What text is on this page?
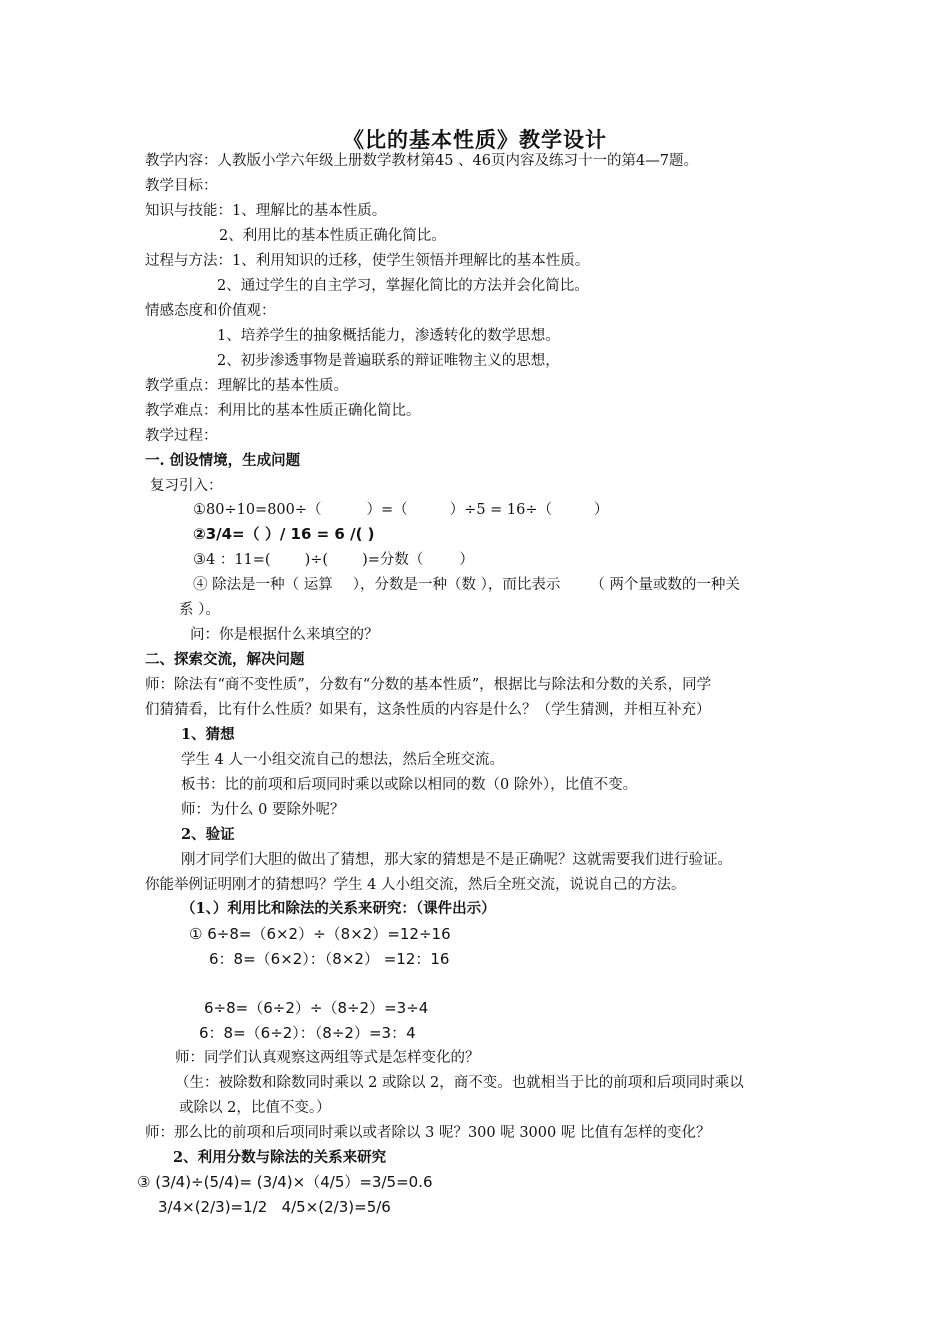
《比的基本性质》教学设计
教学内容：人教版小学六年级上册数学教材第45 、46页内容及练习十一的第4—7题。
教学目标：
知识与技能：1、理解比的基本性质。
2、利用比的基本性质正确化简比。
过程与方法：1、利用知识的迁移，使学生领悟并理解比的基本性质。
2、通过学生的自主学习，掌握化简比的方法并会化简比。
情感态度和价值观：
1、培养学生的抽象概括能力，渗透转化的数学思想。
2、初步渗透事物是普遍联系的辩证唯物主义的思想，
教学重点：理解比的基本性质。
教学难点：利用比的基本性质正确化简比。
教学过程：
一. 创设情境，生成问题
复习引入：
①80÷10=800÷（	）=（	）÷5 = 16÷（	）
②3/4=（ ）/ 16 = 6 /( )
③4 ：11=( )÷( )=分数（ ）
④ 除法是一种（ 运算 ），分数是一种（数 ），而比表示 （ 两个量或数的一种关
系 ）。
问：你是根据什么来填空的？
二、探索交流，解决问题
师：除法有“商不变性质”，分数有“分数的基本性质”，根据比与除法和分数的关系，同学
们猜猜看，比有什么性质？如果有，这条性质的内容是什么？（学生猜测，并相互补充）
1、猜想
学生 4 人一小组交流自己的想法，然后全班交流。
板书：比的前项和后项同时乘以或除以相同的数（0 除外），比值不变。
师：为什么 0 要除外呢？
2、验证
刚才同学们大胆的做出了猜想，那大家的猜想是不是正确呢？这就需要我们进行验证。
你能举例证明刚才的猜想吗？学生 4 人小组交流，然后全班交流，说说自己的方法。
（1、）利用比和除法的关系来研究：（课件出示）
① 6÷8=（6×2）÷（8×2）=12÷16
6：8=（6×2）：（8×2） =12：16
6÷8=（6÷2）÷（8÷2）=3÷4
6：8=（6÷2）：（8÷2）=3：4
师：同学们认真观察这两组等式是怎样变化的？
（生：被除数和除数同时乘以 2 或除以 2，商不变。也就相当于比的前项和后项同时乘以
或除以 2，比值不变。）
师：那么比的前项和后项同时乘以或者除以 3 呢？300 呢 3000 呢 比值有怎样的变化？
2、利用分数与除法的关系来研究
③ (3/4)÷(5/4)= (3/4)×（4/5）=3/5=0.6
3/4×(2/3)=1/2   4/5×(2/3)=5/6
